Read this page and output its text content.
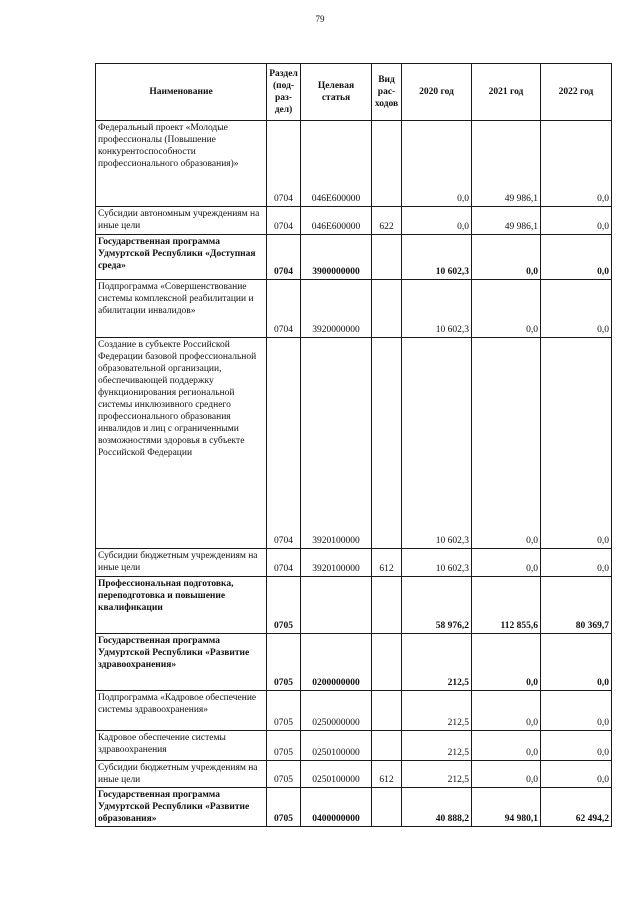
79
Наименование	Раздел (под-раз-дел)	Целевая статья	Вид рас-ходов	2020 год	2021 год	2022 год
Федеральный проект «Молодые профессионалы (Повышение конкурентоспособности профессионального образования)»	0704	046E600000		0,0	49 986,1	0,0
Субсидии автономным учреждениям на иные цели	0704	046E600000	622	0,0	49 986,1	0,0
Государственная программа Удмуртской Республики «Доступная среда»	0704	3900000000		10 602,3	0,0	0,0
Подпрограмма «Совершенствование системы комплексной реабилитации и абилитации инвалидов»	0704	3920000000		10 602,3	0,0	0,0
Создание в субъекте Российской Федерации базовой профессиональной образовательной организации, обеспечивающей поддержку функционирования региональной системы инклюзивного среднего профессионального образования инвалидов и лиц с ограниченными возможностями здоровья в субъекте Российской Федерации	0704	3920100000		10 602,3	0,0	0,0
Субсидии бюджетным учреждениям на иные цели	0704	3920100000	612	10 602,3	0,0	0,0
Профессиональная подготовка, переподготовка и повышение квалификации	0705			58 976,2	112 855,6	80 369,7
Государственная программа Удмуртской Республики «Развитие здравоохранения»	0705	0200000000		212,5	0,0	0,0
Подпрограмма «Кадровое обеспечение системы здравоохранения»	0705	0250000000		212,5	0,0	0,0
Кадровое обеспечение системы здравоохранения	0705	0250100000		212,5	0,0	0,0
Субсидии бюджетным учреждениям на иные цели	0705	0250100000	612	212,5	0,0	0,0
Государственная программа Удмуртской Республики «Развитие образования»	0705	0400000000		40 888,2	94 980,1	62 494,2
